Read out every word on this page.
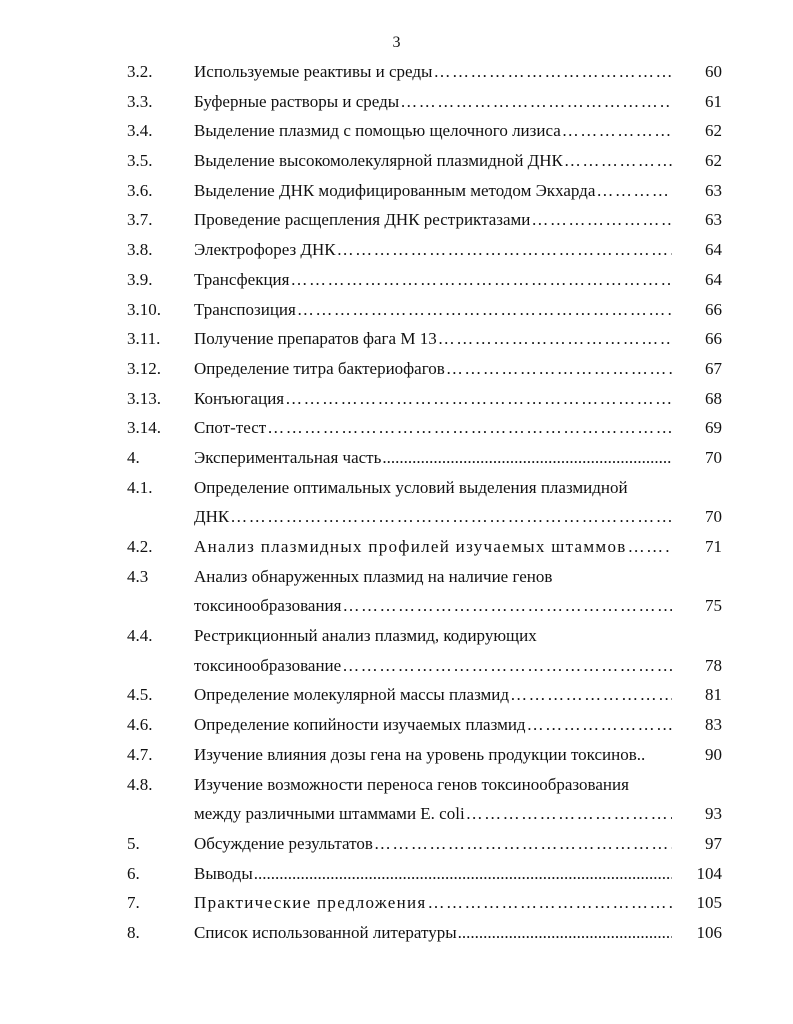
3
3.2. Используемые реактивы и среды ………………………………………………………………………………………………………………………………………………	60
3.3. Буферные растворы и среды ………………………………………………………………………………………………………………………………………………	61
3.4. Выделение плазмид с помощью щелочного лизиса ………………………………………………………………………………………………………………………………………………	62
3.5. Выделение высокомолекулярной плазмидной ДНК ………………………………………………………………………………………………………………………………………………	62
3.6. Выделение ДНК модифицированным методом Экхарда ………………………………………………………………………………………………………………………………………………	63
3.7. Проведение расщепления ДНК рестриктазами ………………………………………………………………………………………………………………………………………………	63
3.8. Электрофорез ДНК ………………………………………………………………………………………………………………………………………………	64
3.9. Трансфекция ………………………………………………………………………………………………………………………………………………	64
3.10. Транспозиция ………………………………………………………………………………………………………………………………………………	66
3.11. Получение препаратов фага М 13 ………………………………………………………………………………………………………………………………………………	66
3.12. Определение титра бактериофагов ………………………………………………………………………………………………………………………………………………	67
3.13. Конъюгация ………………………………………………………………………………………………………………………………………………	68
3.14. Спот-тест ………………………………………………………………………………………………………………………………………………	69
4.	Экспериментальная часть .....	70
4.1. Определение оптимальных условий выделения плазмидной
ДНК ………………………………………………………………………………………………………………………………………………	70
4.2. Анализ плазмидных профилей изучаемых штаммов ………………………………………………………………………………………………………………………………………………	71
4.3	Анализ обнаруженных плазмид на наличие генов
токсинообразования ………………………………………………………………………………………………………………………………………………	75
4.4. Рестрикционный анализ плазмид, кодирующих
токсинообразование ………………………………………………………………………………………………………………………………………………	78
4.5. Определение молекулярной массы плазмид ………………………………………………………………………………………………………………………………………………	81
4.6. Определение копийности изучаемых плазмид ………………………………………………………………………………………………………………………………………………	83
4.7. Изучение влияния дозы гена на уровень продукции токсинов..	90
4.8. Изучение возможности переноса генов токсинообразования
между различными штаммами E. coli ………………………………………………………………………………………………………………………………………………	93
5.	Обсуждение результатов ………………………………………………………………………………………………………………………………………………	97
6.	Выводы .....	104
7.	Практические предложения ………………………………………………………………………………………………………………………………………………	105
8.	Список использованной литературы .....	106
